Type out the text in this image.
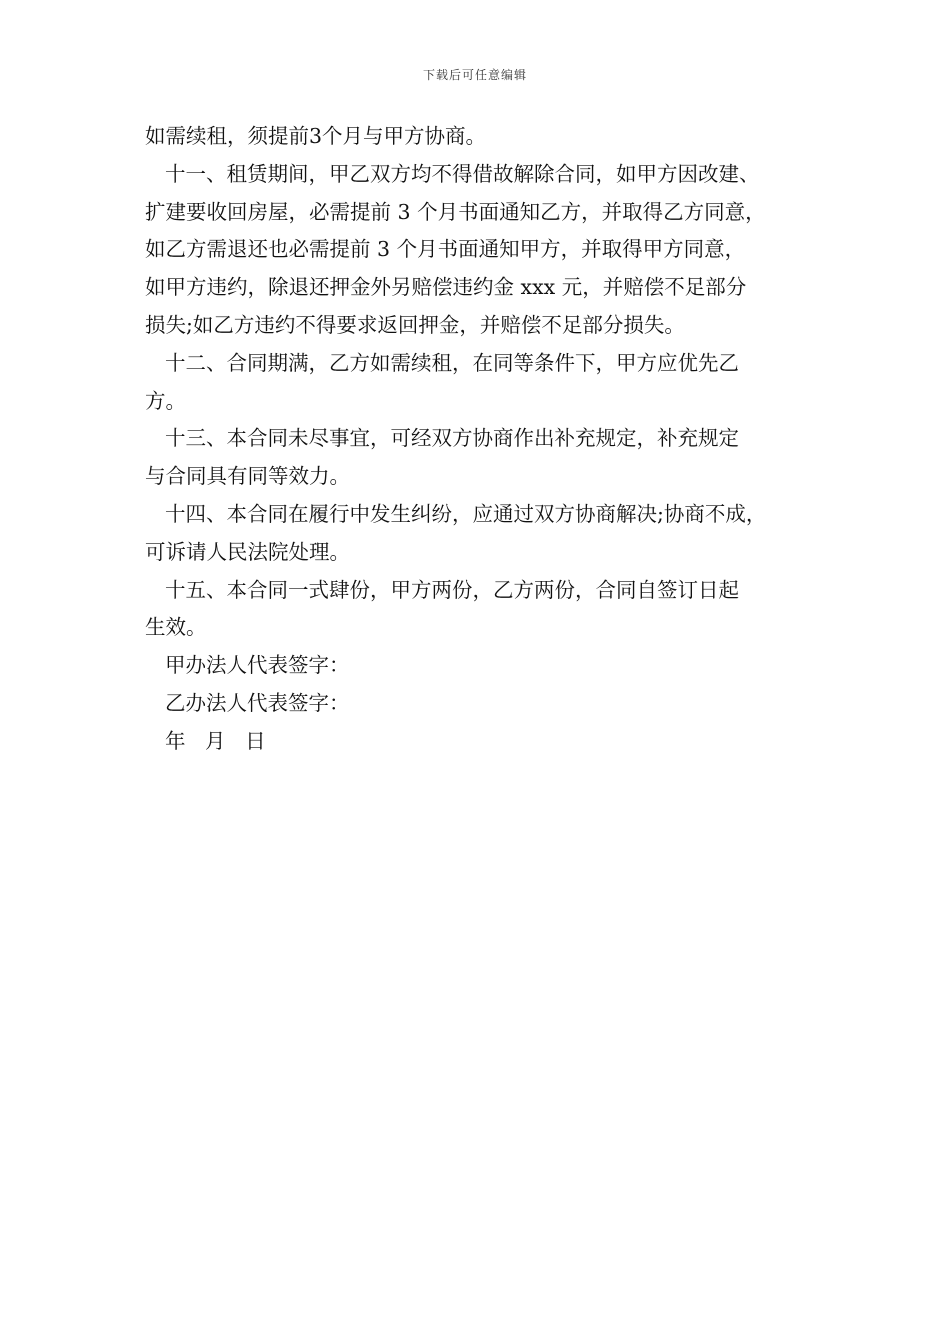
下载后可任意编辑
如需续租，须提前3个月与甲方协商。
十一、租赁期间，甲乙双方均不得借故解除合同，如甲方因改建、
扩建要收回房屋，必需提前 3 个月书面通知乙方，并取得乙方同意，
如乙方需退还也必需提前 3 个月书面通知甲方，并取得甲方同意，
如甲方违约，除退还押金外另赔偿违约金 xxx 元，并赔偿不足部分
损失;如乙方违约不得要求返回押金，并赔偿不足部分损失。
十二、合同期满，乙方如需续租，在同等条件下，甲方应优先乙
方。
十三、本合同未尽事宜，可经双方协商作出补充规定，补充规定
与合同具有同等效力。
十四、本合同在履行中发生纠纷，应通过双方协商解决;协商不成，
可诉请人民法院处理。
十五、本合同一式肆份，甲方两份，乙方两份，合同自签订日起
生效。
甲办法人代表签字：
乙办法人代表签字：
年   月   日
